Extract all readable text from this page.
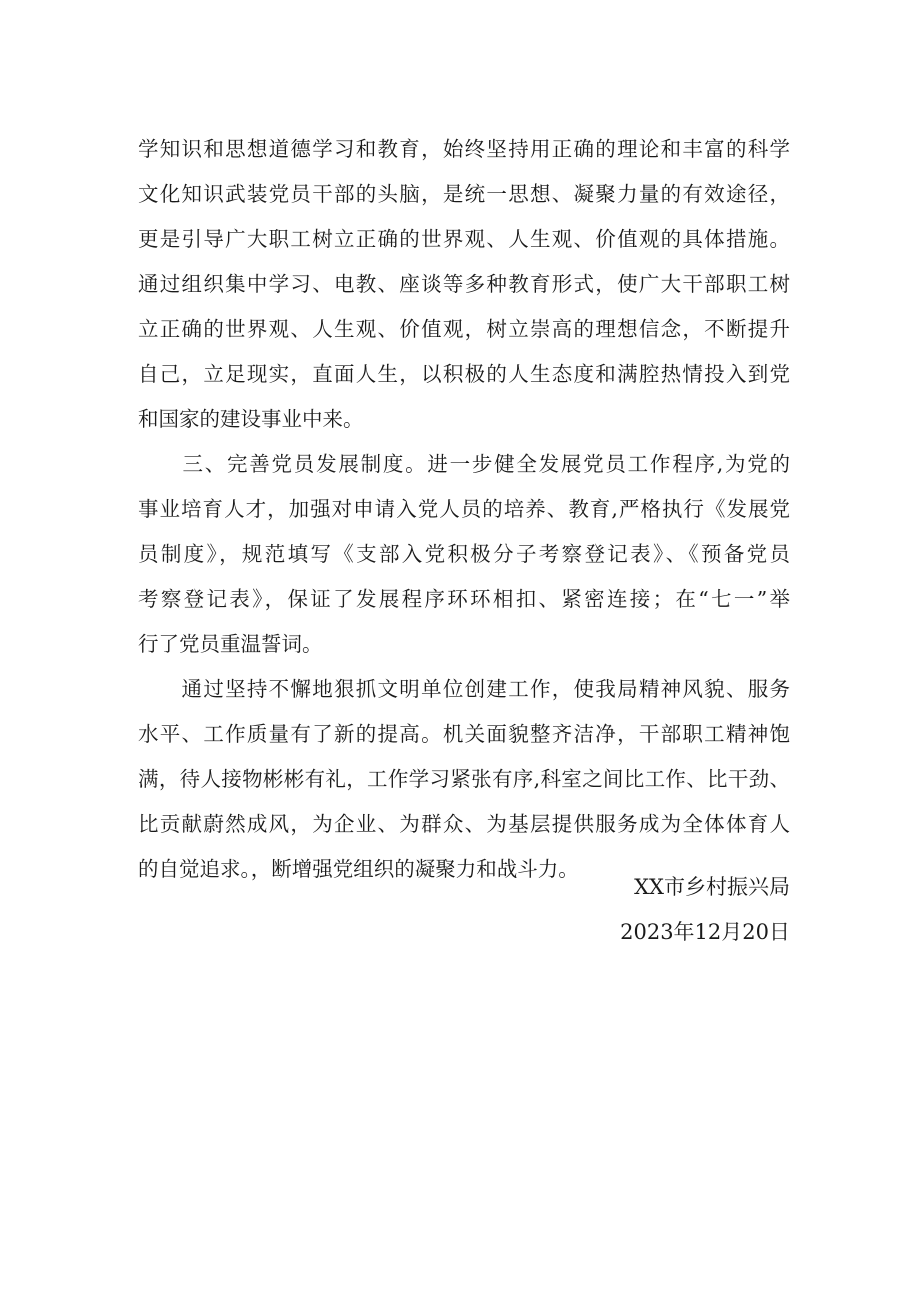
学知识和思想道德学习和教育，始终坚持用正确的理论和丰富的科学
文化知识武装党员干部的头脑，是统一思想、凝聚力量的有效途径，
更是引导广大职工树立正确的世界观、人生观、价值观的具体措施。
通过组织集中学习、电教、座谈等多种教育形式，使广大干部职工树
立正确的世界观、人生观、价值观，树立崇高的理想信念，不断提升
自己，立足现实，直面人生，以积极的人生态度和满腔热情投入到党
和国家的建设事业中来。
　　三、完善党员发展制度。进一步健全发展党员工作程序,为党的
事业培育人才，加强对申请入党人员的培养、教育,严格执行《发展党
员制度》，规范填写《支部入党积极分子考察登记表》、《预备党员
考察登记表》，保证了发展程序环环相扣、紧密连接；在“七一”举
行了党员重温誓词。
　　通过坚持不懈地狠抓文明单位创建工作，使我局精神风貌、服务
水平、工作质量有了新的提高。机关面貌整齐洁净，干部职工精神饱
满，待人接物彬彬有礼，工作学习紧张有序,科室之间比工作、比干劲、
比贡献蔚然成风，为企业、为群众、为基层提供服务成为全体体育人
的自觉追求。，断增强党组织的凝聚力和战斗力。
XX市乡村振兴局
2023年12月20日
